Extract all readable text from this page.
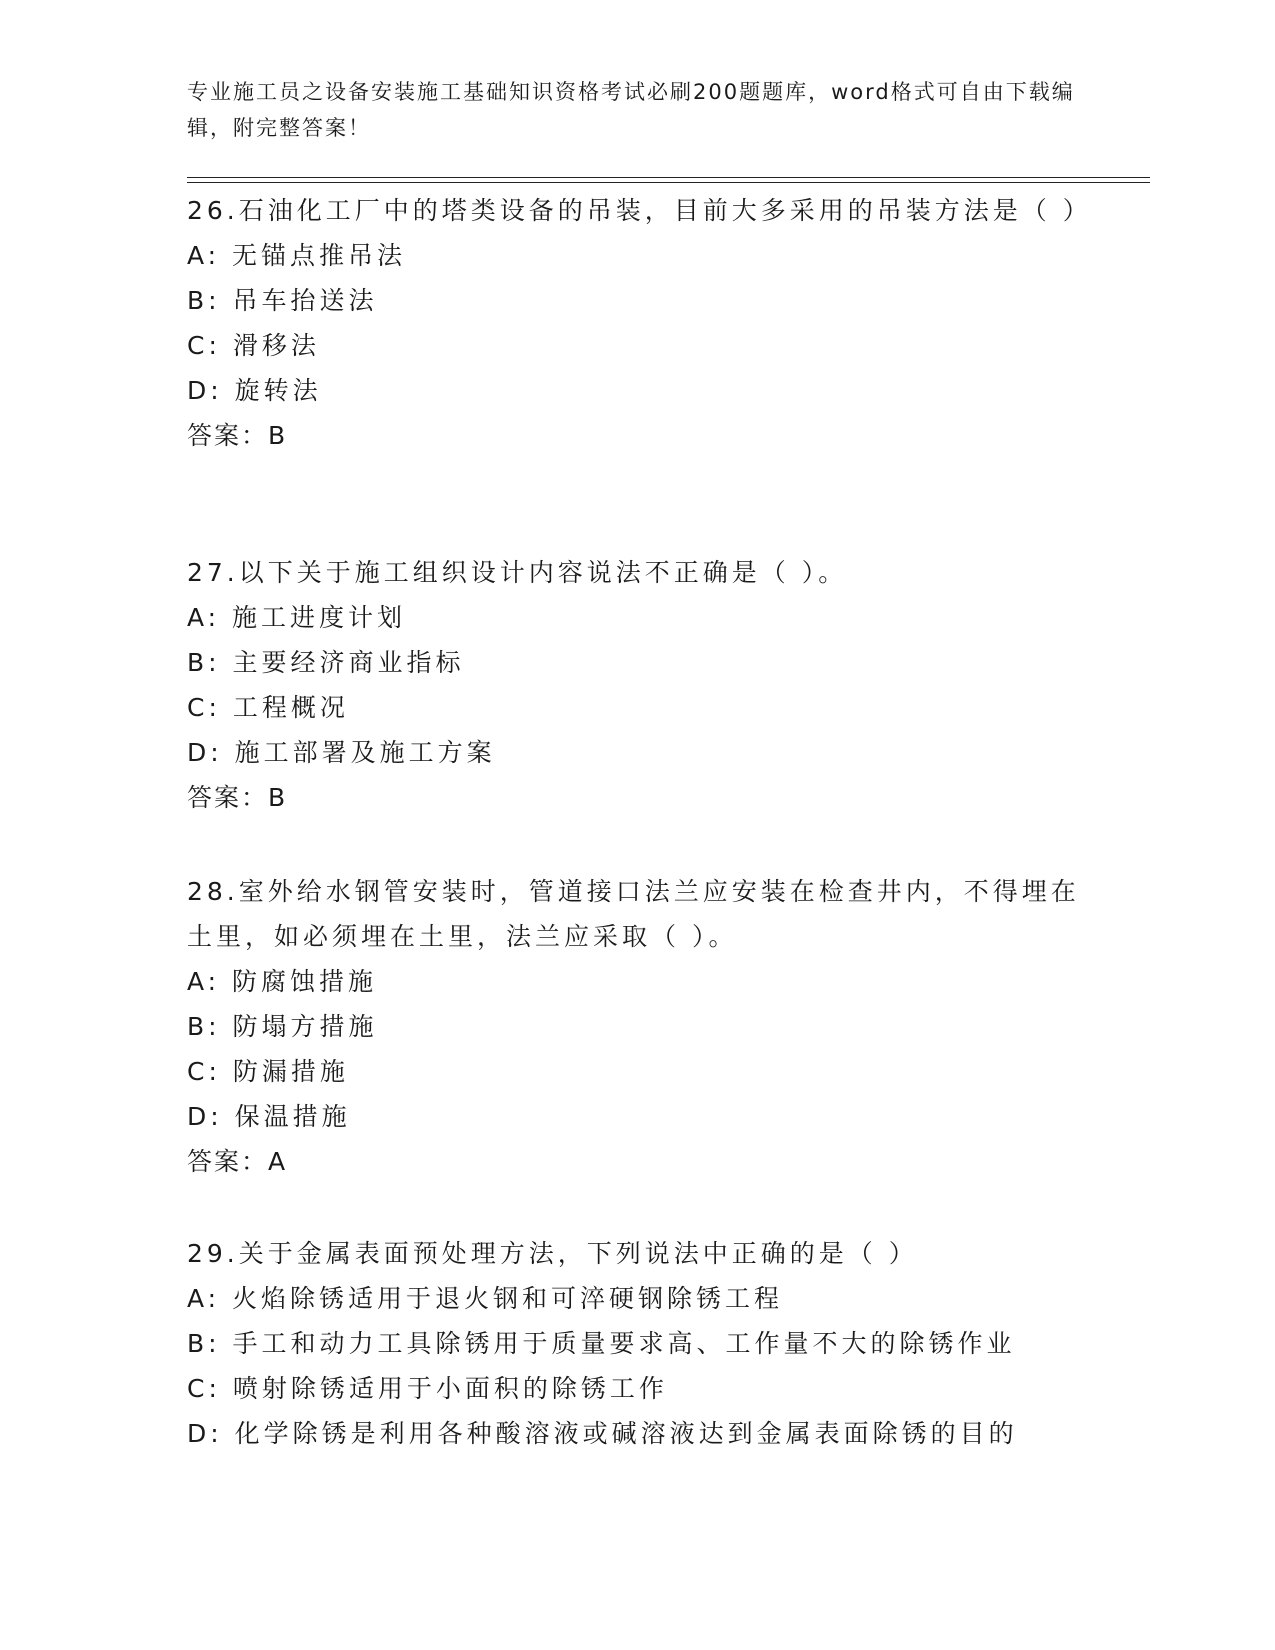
专业施工员之设备安装施工基础知识资格考试必刷200题题库，word格式可自由下载编辑，附完整答案！

26.石油化工厂中的塔类设备的吊装，目前大多采用的吊装方法是（ ）

A: 无锚点推吊法

B: 吊车抬送法

C: 滑移法

D: 旋转法

答案：B

27.以下关于施工组织设计内容说法不正确是（ ）。

A: 施工进度计划

B: 主要经济商业指标

C: 工程概况

D: 施工部署及施工方案

答案：B

28.室外给水钢管安装时，管道接口法兰应安装在检查井内，不得埋在土里，如必须埋在土里，法兰应采取（ ）。

A: 防腐蚀措施

B: 防塌方措施

C: 防漏措施

D: 保温措施

答案：A

29.关于金属表面预处理方法，下列说法中正确的是（ ）

A: 火焰除锈适用于退火钢和可淬硬钢除锈工程

B: 手工和动力工具除锈用于质量要求高、工作量不大的除锈作业

C: 喷射除锈适用于小面积的除锈工作

D: 化学除锈是利用各种酸溶液或碱溶液达到金属表面除锈的目的
